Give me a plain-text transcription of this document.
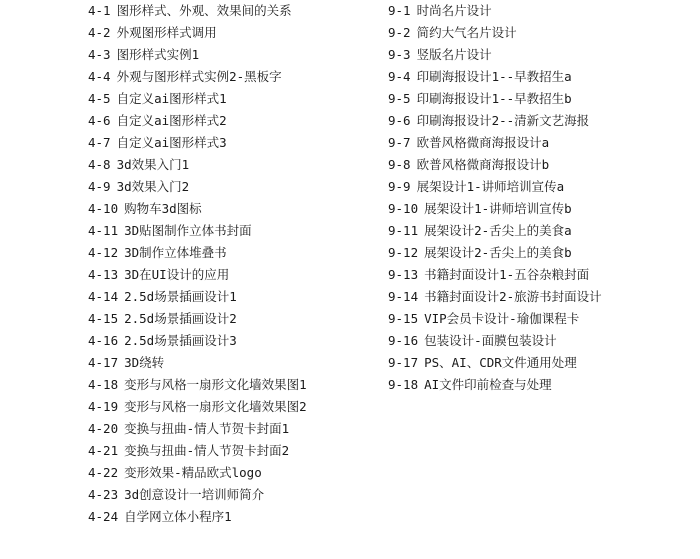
4-1 图形样式、外观、效果间的关系
4-2 外观图形样式调用
4-3 图形样式实例1
4-4 外观与图形样式实例2-黑板字
4-5 自定义ai图形样式1
4-6 自定义ai图形样式2
4-7 自定义ai图形样式3
4-8 3d效果入门1
4-9 3d效果入门2
4-10 购物车3d图标
4-11 3D贴图制作立体书封面
4-12 3D制作立体堆叠书
4-13 3D在UI设计的应用
4-14 2.5d场景插画设计1
4-15 2.5d场景插画设计2
4-16 2.5d场景插画设计3
4-17 3D绕转
4-18 变形与风格一扇形文化墙效果图1
4-19 变形与风格一扇形文化墙效果图2
4-20 变换与扭曲-情人节贺卡封面1
4-21 变换与扭曲-情人节贺卡封面2
4-22 变形效果-精品欧式logo
4-23 3d创意设计一培训师简介
4-24 自学网立体小程序1
9-1 时尚名片设计
9-2 简约大气名片设计
9-3 竖版名片设计
9-4 印刷海报设计1--早教招生a
9-5 印刷海报设计1--早教招生b
9-6 印刷海报设计2--清新文艺海报
9-7 欧普风格微商海报设计a
9-8 欧普风格微商海报设计b
9-9 展架设计1-讲师培训宣传a
9-10 展架设计1-讲师培训宣传b
9-11 展架设计2-舌尖上的美食a
9-12 展架设计2-舌尖上的美食b
9-13 书籍封面设计1-五谷杂粮封面
9-14 书籍封面设计2-旅游书封面设计
9-15 VIP会员卡设计-瑜伽课程卡
9-16 包装设计-面膜包装设计
9-17 PS、AI、CDR文件通用处理
9-18 AI文件印前检查与处理
